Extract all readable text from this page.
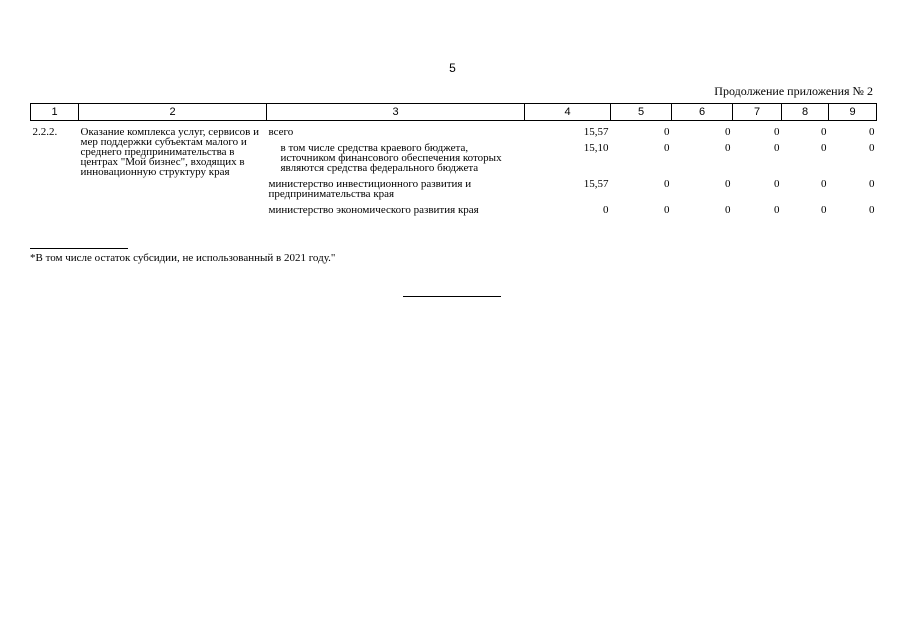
5
Продолжение приложения № 2
1	2	3	4	5	6	7	8	9
2.2.2.	Оказание комплекса услуг, сервисов и мер поддержки субъектам малого и среднего предпринимательства в центрах "Мой бизнес", входящих в инновационную структуру края	всего	15,57	0	0	0	0	0
		в том числе средства краевого бюджета, источником финансового обеспечения которых являются средства федерального бюджета	15,10	0	0	0	0	0
		министерство инвестиционного развития и предпринимательства края	15,57	0	0	0	0	0
		министерство экономического развития края	0	0	0	0	0	0
*В том числе остаток субсидии, не использованный в 2021 году."
